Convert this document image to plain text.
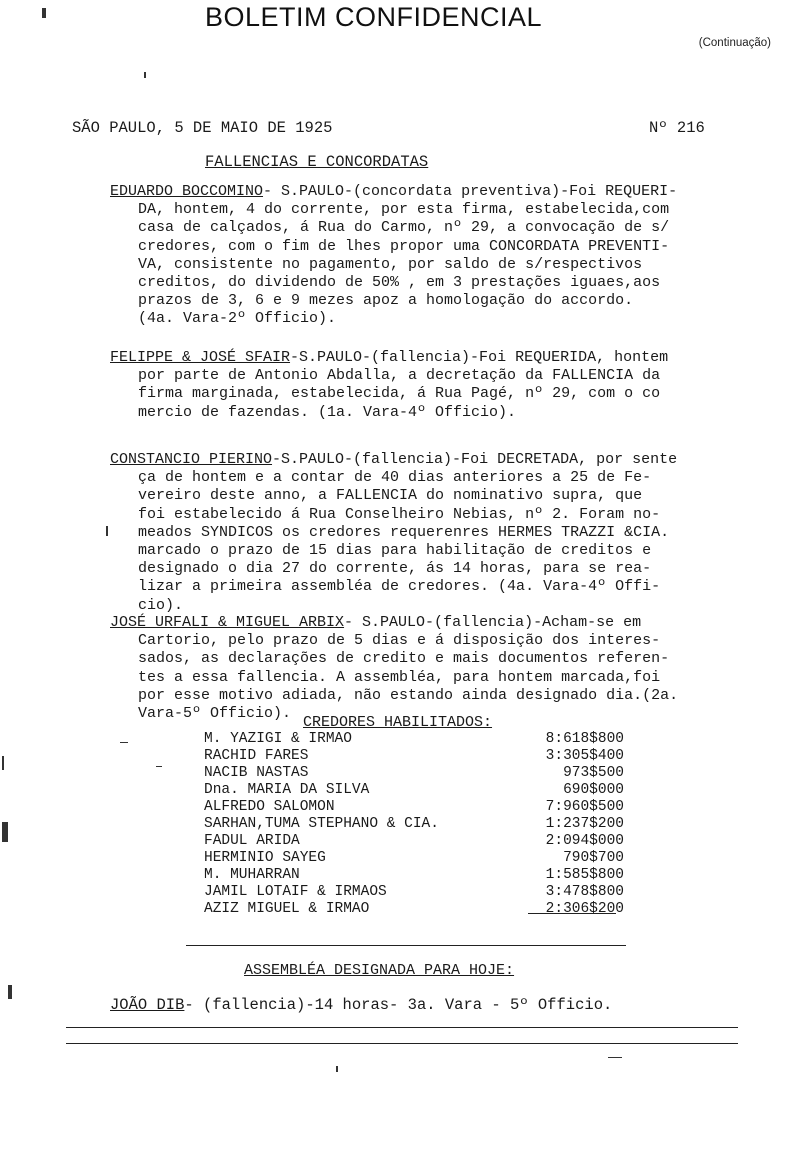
BOLETIM CONFIDENCIAL
(Continuação)
SÃO PAULO, 5 DE MAIO DE 1925	Nº 216
FALLENCIAS E CONCORDATAS
EDUARDO BOCCOMINO- S.PAULO-(concordata preventiva)-Foi REQUERI-
DA, hontem, 4 do corrente, por esta firma, estabelecida,com
casa de calçados, á Rua do Carmo, nº 29, a convocação de s/
credores, com o fim de lhes propor uma CONCORDATA PREVENTI-
VA, consistente no pagamento, por saldo de s/respectivos
creditos, do dividendo de 50% , em 3 prestações iguaes,aos
prazos de 3, 6 e 9 mezes apoz a homologação do accordo.
(4a. Vara-2º Officio).
FELIPPE & JOSÉ SFAIR-S.PAULO-(fallencia)-Foi REQUERIDA, hontem
por parte de Antonio Abdalla, a decretação da FALLENCIA da
firma marginada, estabelecida, á Rua Pagé, nº 29, com o co
mercio de fazendas. (1a. Vara-4º Officio).
CONSTANCIO PIERINO-S.PAULO-(fallencia)-Foi DECRETADA, por sente
ça de hontem e a contar de 40 dias anteriores a 25 de Fe-
vereiro deste anno, a FALLENCIA do nominativo supra, que
foi estabelecido á Rua Conselheiro Nebias, nº 2. Foram no-
meados SYNDICOS os credores requerenres HERMES TRAZZI &CIA.
marcado o prazo de 15 dias para habilitação de creditos e
designado o dia 27 do corrente, ás 14 horas, para se rea-
lizar a primeira assembléa de credores. (4a. Vara-4º Offi-
cio).
JOSÉ URFALI & MIGUEL ARBIX- S.PAULO-(fallencia)-Acham-se em
Cartorio, pelo prazo de 5 dias e á disposição dos interes-
sados, as declarações de credito e mais documentos referen-
tes a essa fallencia. A assembléa, para hontem marcada,foi
por esse motivo adiada, não estando ainda designado dia.(2a.
Vara-5º Officio).
CREDORES HABILITADOS:
M. YAZIGI & IRMAO	8:618$800
RACHID FARES	3:305$400
NACIB NASTAS	973$500
Dna. MARIA DA SILVA	690$000
ALFREDO SALOMON	7:960$500
SARHAN,TUMA STEPHANO & CIA.	1:237$200
FADUL ARIDA	2:094$000
HERMINIO SAYEG	790$700
M. MUHARRAN	1:585$800
JAMIL LOTAIF & IRMAOS	3:478$800
AZIZ MIGUEL & IRMAO	2:306$200
ASSEMBLÉA DESIGNADA PARA HOJE:
JOÃO DIB- (fallencia)-14 horas- 3a. Vara - 5º Officio.
